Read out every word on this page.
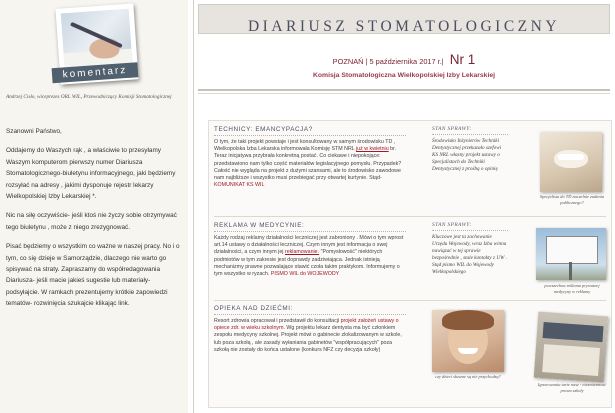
komentarz
Andrzej Cisło, wiceprezes ORL WIL, Przewodniczący Komisji Stomatologicznej

Szanowni Państwo,

Oddajemy do Waszych rąk , a właściwie to przesyłamy Waszym komputerom pierwszy numer Diariusza Stomatologicznego-biuletynu informacyjnego, jaki będziemy rozsyłać na adresy , jakimi dysponuje rejestr lekarzy Wielkopolskiej Izby Lekarskiej *.

Nic na siłę oczywiście- jeśli ktoś nie życzy sobie otrzymywać tego biuletynu , może z niego zrezygnować.

Pisać będziemy o wszystkim co ważne w naszej pracy. No i o tym, co się dzieje w Samorządzie, dlaczego nie warto go spisywać na straty. Zapraszamy do współredagowania Diariusza- jeśli macie jakieś sugestie lub materiały- podsyłajcie. W ramkach prezentujemy krótkie zapowiedzi tematów- rozwinięcia szukajcie klikając link.

DIARIUSZ STOMATOLOGICZNY
POZNAŃ | 5 października 2017 r.| Nr 1
Komisja Stomatologiczna Wielkopolskiej Izby Lekarskiej
TECHNICY: EMANCYPACJA?
O tym, że taki projekt powstaje i jest konsultowany w samym środowisku TD , Wielkopolska Izba Lekarska informowała Komisję STM NRL już w kwietniu br. Teraz inicjatywa przybrała konkretną postać. Co ciekawe i niepokojące: przedstawiono nam tylko część materiałów legislacyjnego pomysłu. Przypadek? Całość nie wygląda na projekt z dużymi szansami, ale to środowisko zawodowe nam najbliższe i wszystko musi przebiegać przy otwartej kurtynie. Stąd- KOMUNIKAT KS WIL
REKLAMA W MEDYCYNIE:
Każdy rodzaj reklamy działalności leczniczej jest zabroniony . Mówi o tym wprost art.14 ustawy o działalności leczniczej. Czym innym jest informacja o swej działalności, a czym innym jej reklamowanie. "Pomysłowość" niektórych podmiotów w tym zakresie jest doprawdy zadziwiająca. Jednak istnieją mechanizmy prawne pozwalające stawić czoła takim praktykom. Informujemy o tym wszystko w ryzach. PISMO WIL do WOJEWODY
OPIEKA NAD DZIEĆMI:
Resort zdrowia opracował i przedstawił do konsultacji projekt założeń ustawy o opiece zdr. w wieku szkolnym. Wg projektu lekarz dentysta ma być członkiem zespołu medycyny szkolnej. Projekt mówi o gabinecie zlokalizowanym w szkole, lub poza szkołą , ale zasady wyłaniania gabinetów "współpracujących" poza szkołą nie zostały do końca ustalone (konkurs NFZ czy decyzja szkoły)
STAN SPRAWY:
Środowisko Inżynierów Techniki Dentystycznej przekazało szefowi KS NRL własny projekt ustawy o Specjalistach do Techniki Dentystycznej z prośbą o opinię
Specjalista do TD naczelnie zadania publicznego?
STAN SPRAWY:
Kluczowe jest ta zachowanie Urzędu Wojewody, wraz Izba winna nawiązać w tej sprawie bezpośrednie , stale kontakty z UW . Stąd pismo WIL do Wojewody Wielkopolskiego
powszechna reklama prywatnej medycyny w reklamy
czy dzieci słuszne są nie przychodzą?
Ignorowania tarte nasz - niezmiennosć prawa szkoły
